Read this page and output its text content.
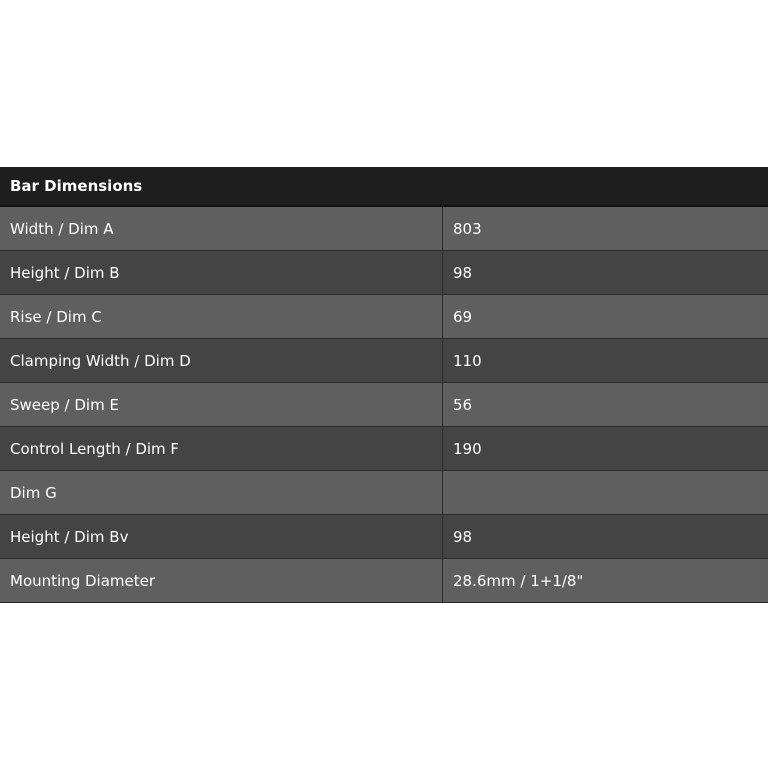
Bar Dimensions
Width / Dim A	803
Height / Dim B	98
Rise / Dim C	69
Clamping Width / Dim D	110
Sweep / Dim E	56
Control Length / Dim F	190
Dim G
Height / Dim Bv	98
Mounting Diameter	28.6mm / 1+1/8"
